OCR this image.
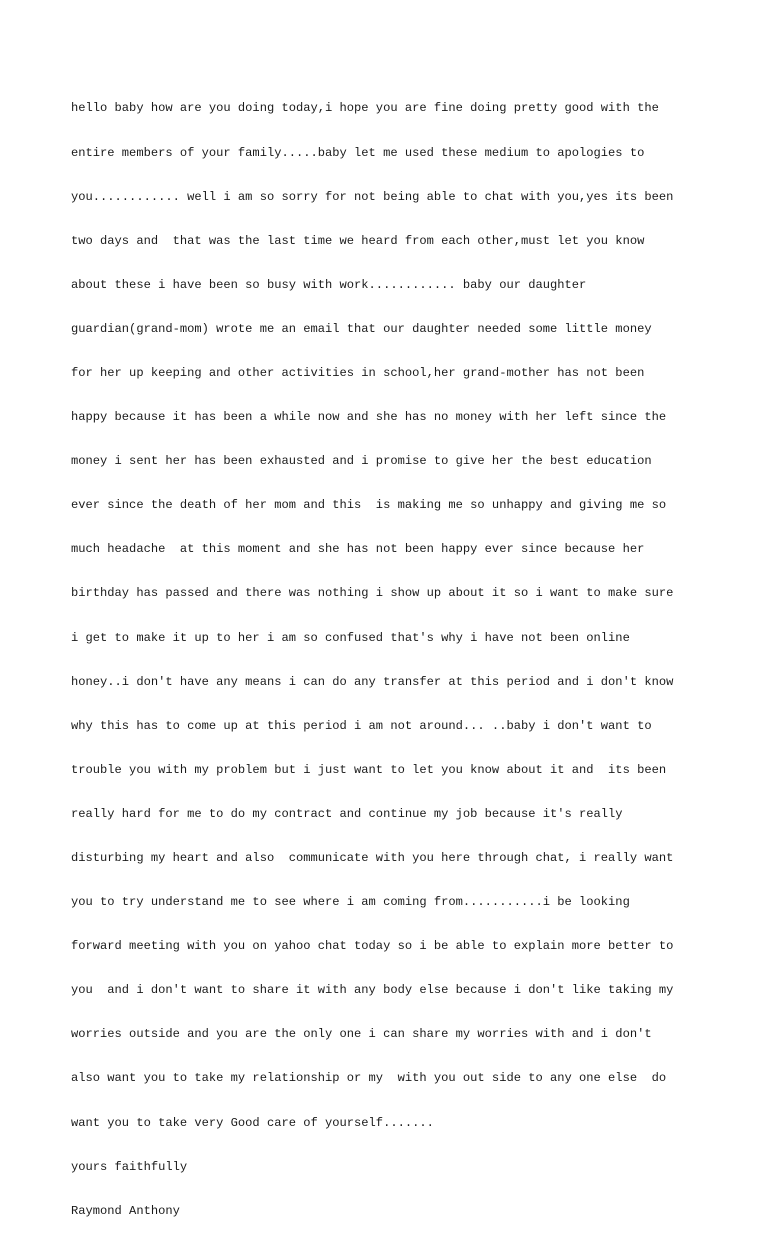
hello baby how are you doing today,i hope you are fine doing pretty good with the

entire members of your family.....baby let me used these medium to apologies to

you............ well i am so sorry for not being able to chat with you,yes its been

two days and  that was the last time we heard from each other,must let you know

about these i have been so busy with work............ baby our daughter

guardian(grand-mom) wrote me an email that our daughter needed some little money

for her up keeping and other activities in school,her grand-mother has not been

happy because it has been a while now and she has no money with her left since the

money i sent her has been exhausted and i promise to give her the best education

ever since the death of her mom and this  is making me so unhappy and giving me so

much headache  at this moment and she has not been happy ever since because her

birthday has passed and there was nothing i show up about it so i want to make sure

i get to make it up to her i am so confused that's why i have not been online

honey..i don't have any means i can do any transfer at this period and i don't know

why this has to come up at this period i am not around... ..baby i don't want to

trouble you with my problem but i just want to let you know about it and  its been

really hard for me to do my contract and continue my job because it's really

disturbing my heart and also  communicate with you here through chat, i really want

you to try understand me to see where i am coming from...........i be looking

forward meeting with you on yahoo chat today so i be able to explain more better to

you  and i don't want to share it with any body else because i don't like taking my

worries outside and you are the only one i can share my worries with and i don't

also want you to take my relationship or my  with you out side to any one else  do

want you to take very Good care of yourself.......

yours faithfully

Raymond Anthony
